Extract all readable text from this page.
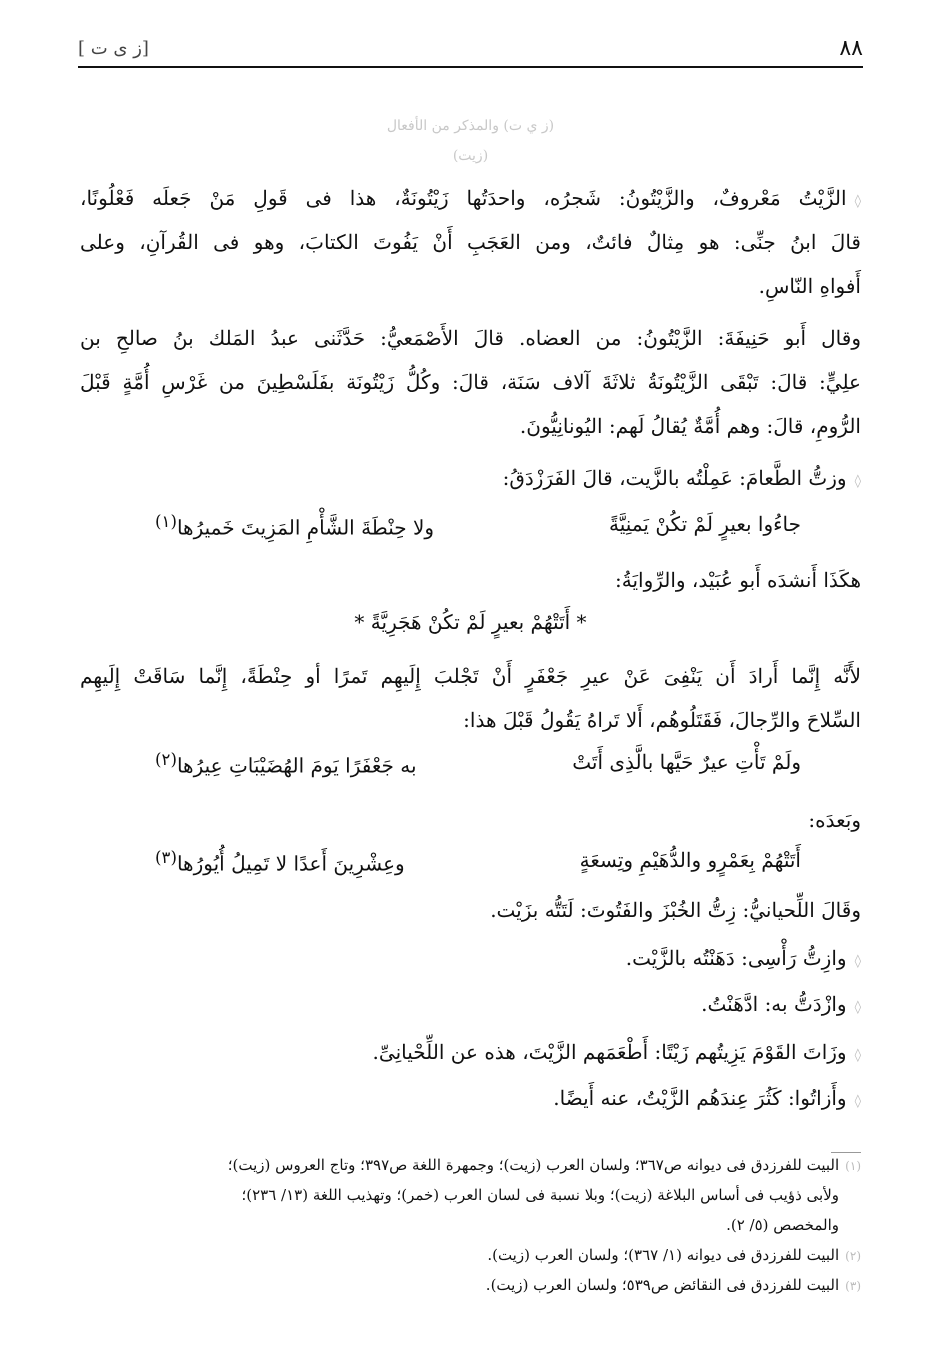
٨٨
[ز ى ت ]
(ز ي ت) والمذكر من الأفعال
(زيت)
◊الزَّيْتُ مَعْروفٌ، والزَّيْتُونُ: شَجرُه، واحدَتُها زَيْتُونَةٌ، هذا فى قَولِ مَنْ جَعلَه فَعْلُونًا،
قالَ ابنُ جنِّى: هو مِثالٌ فائتٌ، ومن العَجَبِ أَنْ يَفُوتَ الكتابَ، وهو فى القُرآنِ، وعلى
أَفواهِ النّاسِ.
وقال أَبو حَنِيفَةَ: الزَّيْتُونُ: من العضاه. قالَ الأَصْمَعيُّ: حَدَّثَنى عبدُ المَلك بنُ صالحِ بن
علِيٍّ: قالَ: تَبْقَى الزَّيْتُونَةُ ثلاثَةَ آلاف سَنَة، قالَ: وكُلُّ زَيْتُونَة بفَلَسْطِينَ من غَرْسِ أُمَّةٍ قَبْلَ
الرُّومِ، قالَ: وهم أُمَّةٌ يُقالُ لَهم: اليُونانِيُّونَ.
◊وزتُّ الطَّعامَ: عَمِلْتُه بالزَّيت، قالَ الفَرَزْدَقُ:
جاءُوا بعيرٍ لَمْ تكُنْ يَمنِيَّةً
ولا حِنْطَةَ الشَّأْمِ المَزِيتَ خَميرُها$^{(١)}$
هكَذَا أَنشدَه أَبو عُبَيْد، والرِّوايَةُ:
* أَتَتْهُمْ بعيرٍ لَمْ تكُنْ هَجَرِيَّةً *
لأَنَّه إِنَّما أَرادَ أَن يَنْفِىَ عَنْ عيرِ جَعْفَرٍ أَنْ تَجْلبَ إِلَيهِم تَمرًا أو حِنْطَةً، إِنَّما سَاقَتْ إِلَيهِم
السِّلاحَ والرِّجالَ، فَقَتَلُوهُم، أَلا تَراهُ يَقُولُ قَبْلَ هذا:
ولَمْ تَأْتِ عيرٌ حَيَّها بالَّذِى أَتَتْ
به جَعْفَرًا يَومَ الهُضَيْبَاتِ عِيرُها$^{(٢)}$
وبَعدَه:
أَتَتْهُمْ بِعَمْرٍو والدُّهَيْمِ وتِسعَةٍ
وعِشْرِينَ أَعدًا لا تَمِيلُ أُيُورُها$^{(٣)}$
وقَالَ اللِّحيانيُّ: زِتُّ الخُبْزَ والفَتُوتَ: لَتَتُّه بزَيْت.
◊وازِتُّ رَأْسِى: دَهَنْتُه بالزَّيْت.
◊وازْدَتُّ به: ادَّهَنْتُ.
◊وزَاتَ القَوْمَ يَزِيتُهم زَيْتًا: أَطْعَمَهم الزَّيْتَ، هذه عن اللِّحْيانِىِّ.
◊وأَزاتُوا: كَثُرَ عِندَهُم الزَّيْتُ، عنه أَيضًا.
(١)البيت للفرزدق فى ديوانه ص٣٦٧؛ ولسان العرب (زيت)؛ وجمهرة اللغة ص٣٩٧؛ وتاج العروس (زيت)؛
ولأبى ذؤيب فى أساس البلاغة (زيت)؛ وبلا نسبة فى لسان العرب (خمر)؛ وتهذيب اللغة (١٣/ ٢٣٦)؛
والمخصص (٥/ ٢).
(٢)البيت للفرزدق فى ديوانه (١/ ٣٦٧)؛ ولسان العرب (زيت).
(٣)البيت للفرزدق فى النقائض ص٥٣٩؛ ولسان العرب (زيت).
